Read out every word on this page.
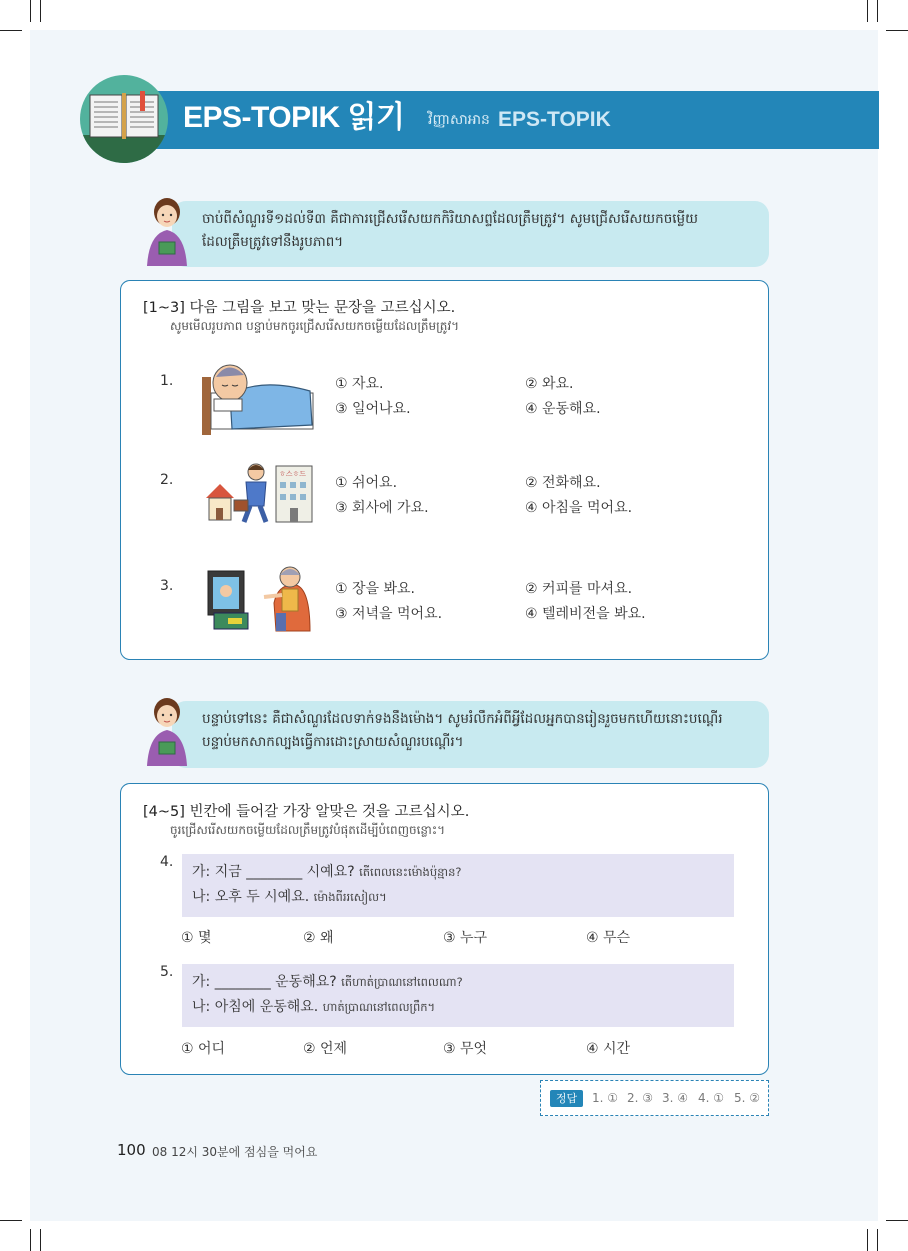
EPS-TOPIK 읽기 វិញ្ញាសាអាន EPS-TOPIK
ចាប់ពីសំណួរទី១ដល់ទី៣ គឺជាការជ្រើសរើសយកកិរិយាសព្ទដែលត្រឹមត្រូវ។ សូមជ្រើសរើសយកចម្លើយ
ដែលត្រឹមត្រូវទៅនឹងរូបភាព។
[1~3] 다음 그림을 보고 맞는 문장을 고르십시오.
សូមមើលរូបភាព បន្ទាប់មកចូរជ្រើសរើសយកចម្លើយដែលត្រឹមត្រូវ។
1.	① 자요.	② 와요.
③ 일어나요.	④ 운동해요.
2.	ㅎ스ㅎ드
① 쉬어요.	② 전화해요.
③ 회사에 가요.	④ 아침을 먹어요.
3.	① 장을 봐요.	② 커피를 마셔요.
③ 저녁을 먹어요.	④ 텔레비전을 봐요.
បន្ទាប់ទៅនេះ គឺជាសំណួរដែលទាក់ទងនឹងម៉ោង។ សូមរំលឹកអំពីអ្វីដែលអ្នកបានរៀនរួចមកហើយនោះបណ្ដើរ
បន្ទាប់មកសាកល្បងធ្វើការដោះស្រាយសំណួរបណ្ដើរ។
[4~5] 빈칸에 들어갈 가장 알맞은 것을 고르십시오.
ចូរជ្រើសរើសយកចម្លើយដែលត្រឹមត្រូវបំផុតដើម្បីបំពេញចន្លោះ។
4.
가: 지금 ________ 시예요? តើពេលនេះម៉ោងប៉ុន្មាន?
나: 오후 두 시예요. ម៉ោងពីររសៀល។
① 몇	② 왜	③ 누구	④ 무슨
5.
가: ________ 운동해요? តើហាត់ប្រាណនៅពេលណា?
나: 아침에 운동해요. ហាត់ប្រាណនៅពេលព្រឹក។
① 어디	② 언제	③ 무엇	④ 시간
정답	1. ① 2. ③ 3. ④ 4. ① 5. ②
100 08 12시 30분에 점심을 먹어요
